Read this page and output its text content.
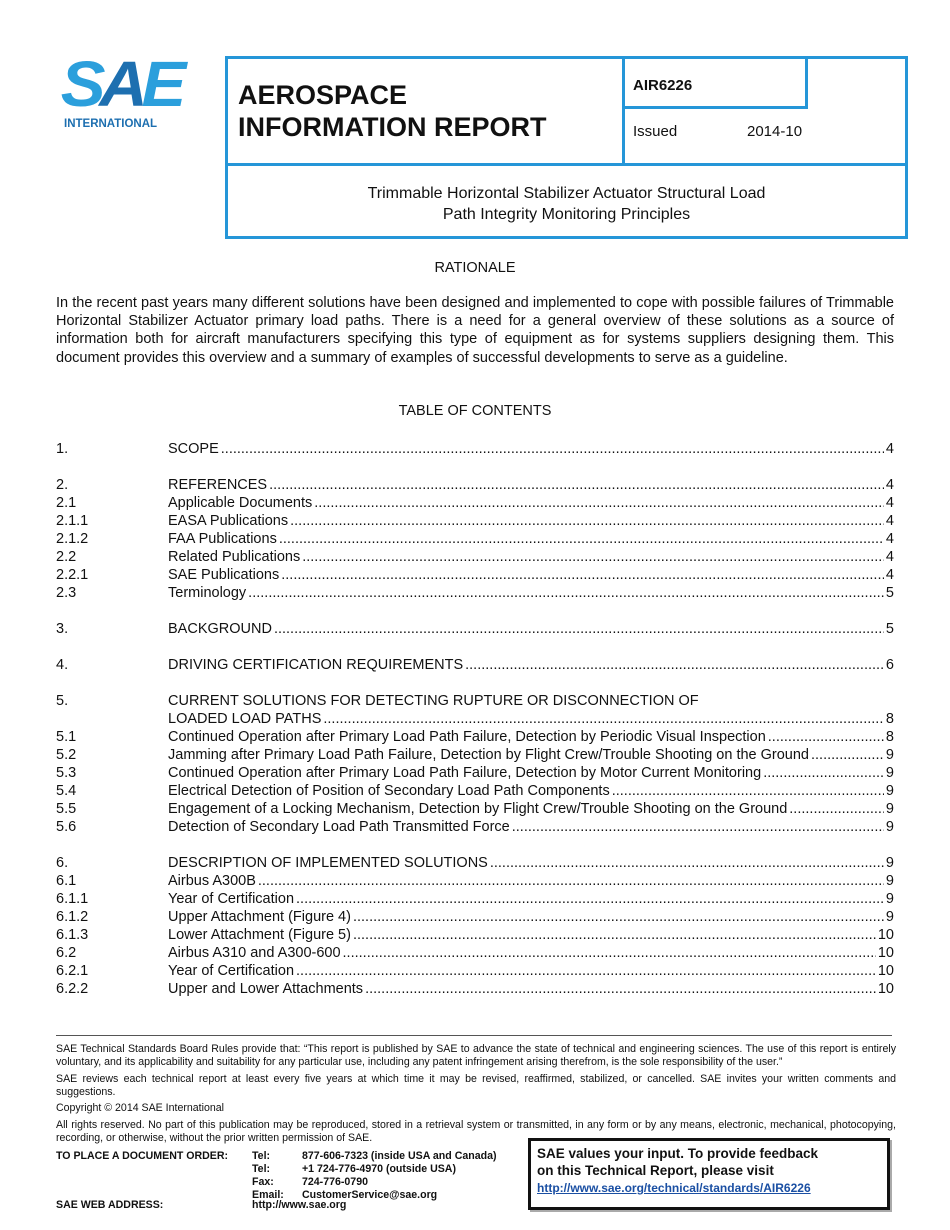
SAE
INTERNATIONAL
AEROSPACE
INFORMATION REPORT
AIR6226
Issued	2014-10
Trimmable Horizontal Stabilizer Actuator Structural Load
Path Integrity Monitoring Principles
RATIONALE
In the recent past years many different solutions have been designed and implemented to cope with possible failures of Trimmable Horizontal Stabilizer Actuator primary load paths. There is a need for a general overview of these solutions as a source of information both for aircraft manufacturers specifying this type of equipment as for systems suppliers designing them. This document provides this overview and a summary of examples of successful developments to serve as a guideline.
TABLE OF CONTENTS
1.	SCOPE .....	4
2.	REFERENCES .....	4
2.1	Applicable Documents .....	4
2.1.1	EASA Publications .....	4
2.1.2	FAA Publications .....	4
2.2	Related Publications .....	4
2.2.1	SAE Publications .....	4
2.3	Terminology .....	5
3.	BACKGROUND .....	5
4.	DRIVING CERTIFICATION REQUIREMENTS .....	6
5.	CURRENT SOLUTIONS FOR DETECTING RUPTURE OR DISCONNECTION OF
LOADED LOAD PATHS .....	8
5.1	Continued Operation after Primary Load Path Failure, Detection by Periodic Visual Inspection .....	8
5.2	Jamming after Primary Load Path Failure, Detection by Flight Crew/Trouble Shooting on the Ground .....	9
5.3	Continued Operation after Primary Load Path Failure, Detection by Motor Current Monitoring .....	9
5.4	Electrical Detection of Position of Secondary Load Path Components .....	9
5.5	Engagement of a Locking Mechanism, Detection by Flight Crew/Trouble Shooting on the Ground .....	9
5.6	Detection of Secondary Load Path Transmitted Force .....	9
6.	DESCRIPTION OF IMPLEMENTED SOLUTIONS .....	9
6.1	Airbus A300B .....	9
6.1.1	Year of Certification .....	9
6.1.2	Upper Attachment (Figure 4) .....	9
6.1.3	Lower Attachment (Figure 5) .....	10
6.2	Airbus A310 and A300-600 .....	10
6.2.1	Year of Certification .....	10
6.2.2	Upper and Lower Attachments .....	10
SAE Technical Standards Board Rules provide that: “This report is published by SAE to advance the state of technical and engineering sciences. The use of this report is entirely voluntary, and its applicability and suitability for any particular use, including any patent infringement arising therefrom, is the sole responsibility of the user.”
SAE reviews each technical report at least every five years at which time it may be revised, reaffirmed, stabilized, or cancelled. SAE invites your written comments and suggestions.
Copyright © 2014 SAE International
All rights reserved. No part of this publication may be reproduced, stored in a retrieval system or transmitted, in any form or by any means, electronic, mechanical, photocopying, recording, or otherwise, without the prior written permission of SAE.
TO PLACE A DOCUMENT ORDER: Tel:	877-606-7323 (inside USA and Canada)
Tel:	+1 724-776-4970 (outside USA)
Fax:	724-776-0790
Email: CustomerService@sae.org
SAE WEB ADDRESS:	http://www.sae.org
SAE values your input. To provide feedback
on this Technical Report, please visit
http://www.sae.org/technical/standards/AIR6226
